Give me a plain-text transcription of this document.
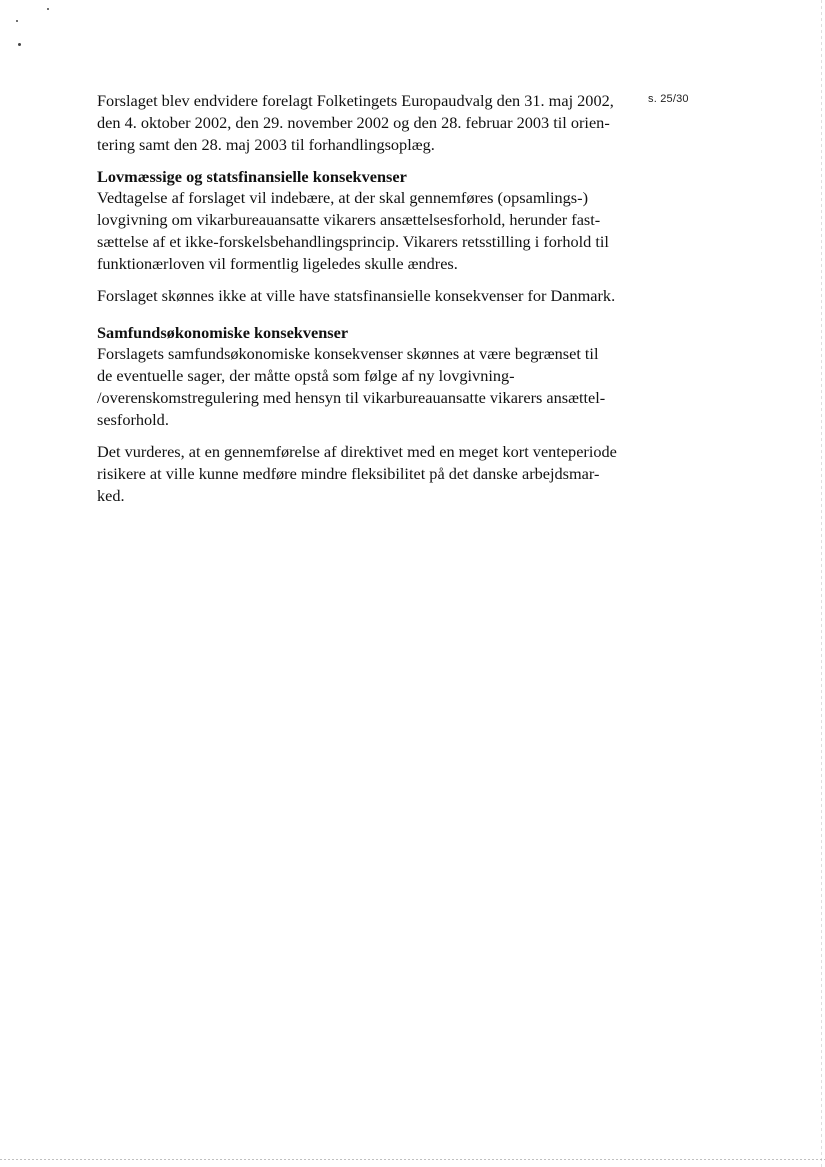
s. 25/30

Forslaget blev endvidere forelagt Folketingets Europaudvalg den 31. maj 2002,
den 4. oktober 2002, den 29. november 2002 og den 28. februar 2003 til orien-
tering samt den 28. maj 2003 til forhandlingsoplæg.

Lovmæssige og statsfinansielle konsekvenser

Vedtagelse af forslaget vil indebære, at der skal gennemføres (opsamlings-)
lovgivning om vikarbureauansatte vikarers ansættelsesforhold, herunder fast-
sættelse af et ikke-forskelsbehandlingsprincip. Vikarers retsstilling i forhold til
funktionærloven vil formentlig ligeledes skulle ændres.

Forslaget skønnes ikke at ville have statsfinansielle konsekvenser for Danmark.

Samfundsøkonomiske konsekvenser

Forslagets samfundsøkonomiske konsekvenser skønnes at være begrænset til
de eventuelle sager, der måtte opstå som følge af ny lovgivning-
/overenskomstregulering med hensyn til vikarbureauansatte vikarers ansættel-
sesforhold.

Det vurderes, at en gennemførelse af direktivet med en meget kort venteperiode
risikere at ville kunne medføre mindre fleksibilitet på det danske arbejdsmar-
ked.
